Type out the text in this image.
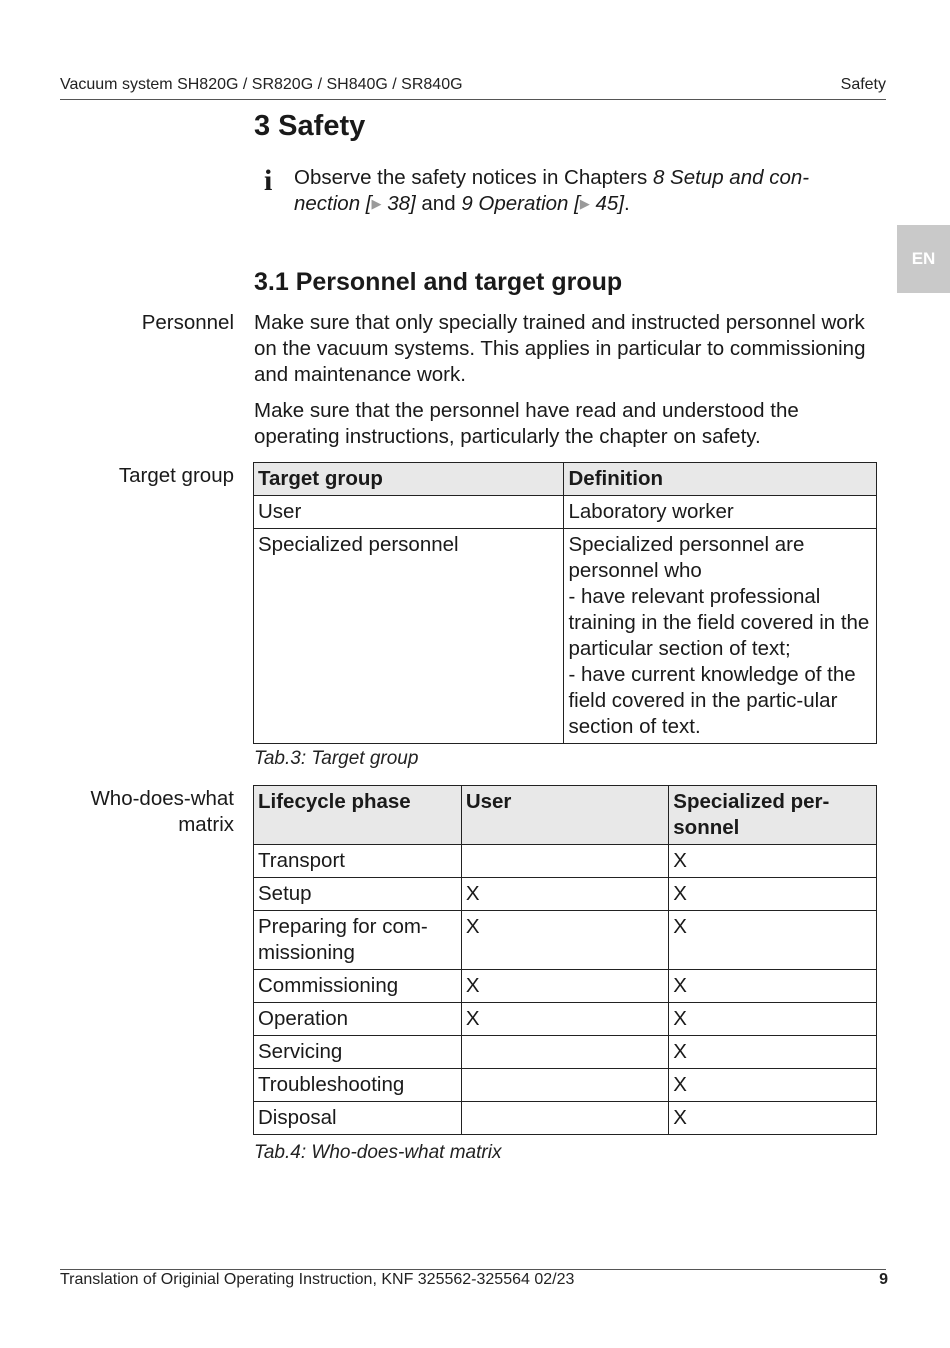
Vacuum system SH820G / SR820G / SH840G / SR840G	Safety
EN
3 Safety
i Observe the safety notices in Chapters 8 Setup and con-nection [▶ 38] and 9 Operation [▶ 45].
3.1 Personnel and target group
Personnel Make sure that only specially trained and instructed personnel work on the vacuum systems. This applies in particular to commissioning and maintenance work.

Make sure that the personnel have read and understood the operating instructions, particularly the chapter on safety.

Target group Target group	Definition
User	Laboratory worker
Specialized personnel	Specialized personnel are personnel who
- have relevant professional training in the field covered in the particular section of text;
- have current knowledge of the field covered in the partic-ular section of text.
Tab.3: Target group
Who-does-what matrix
Lifecycle phase	User	Specialized per-sonnel
Transport		X
Setup	X	X
Preparing for com-missioning	X	X
Commissioning	X	X
Operation	X	X
Servicing		X
Troubleshooting		X
Disposal		X
Tab.4: Who-does-what matrix
Translation of Originial Operating Instruction, KNF 325562-325564 02/23	9
